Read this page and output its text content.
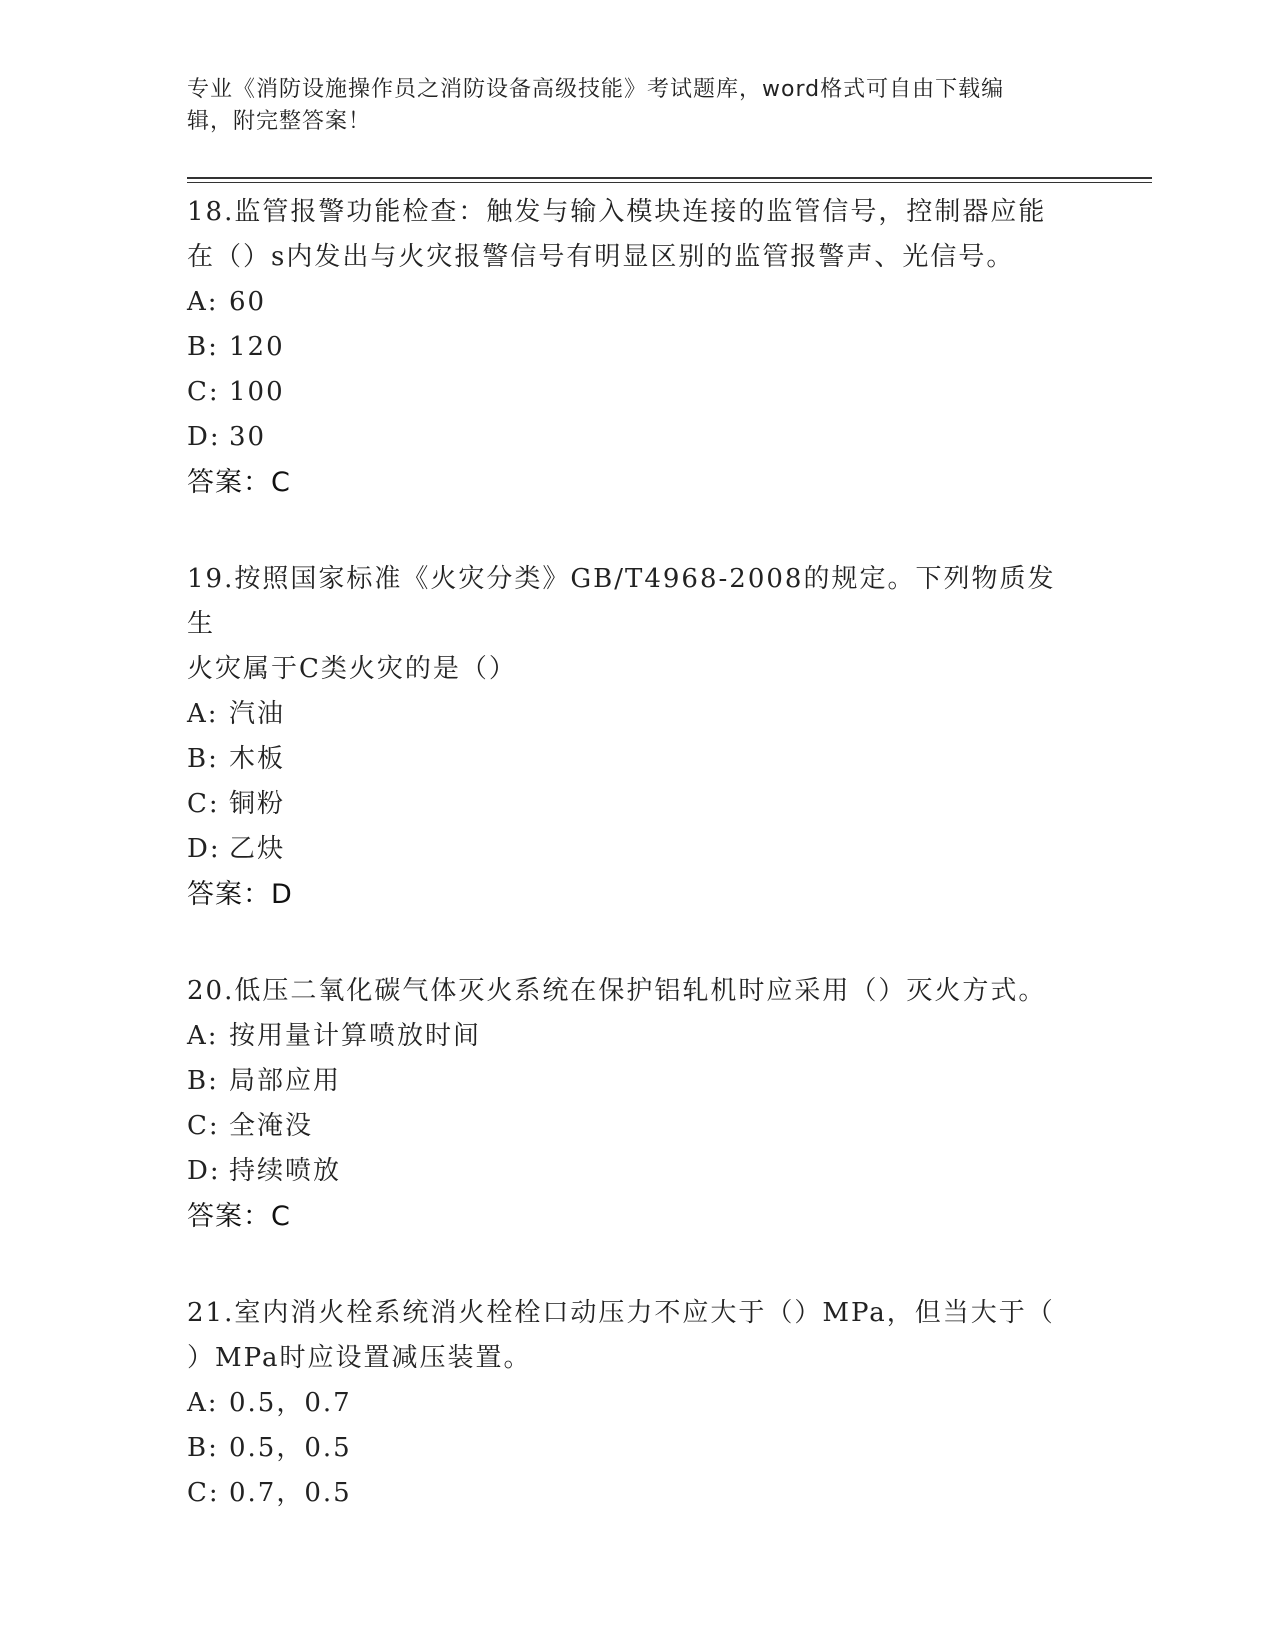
专业《消防设施操作员之消防设备高级技能》考试题库，word格式可自由下载编
辑，附完整答案！
18.监管报警功能检查：触发与输入模块连接的监管信号，控制器应能
在（）s内发出与火灾报警信号有明显区别的监管报警声、光信号。
A: 60
B: 120
C: 100
D: 30
答案：C
19.按照国家标准《火灾分类》GB/T4968-2008的规定。下列物质发生
火灾属于C类火灾的是（）
A: 汽油
B: 木板
C: 铜粉
D: 乙炔
答案：D
20.低压二氧化碳气体灭火系统在保护铝轧机时应采用（）灭火方式。
A: 按用量计算喷放时间
B: 局部应用
C: 全淹没
D: 持续喷放
答案：C
21.室内消火栓系统消火栓栓口动压力不应大于（）MPa，但当大于（
）MPa时应设置减压装置。
A: 0.5，0.7
B: 0.5，0.5
C: 0.7，0.5
